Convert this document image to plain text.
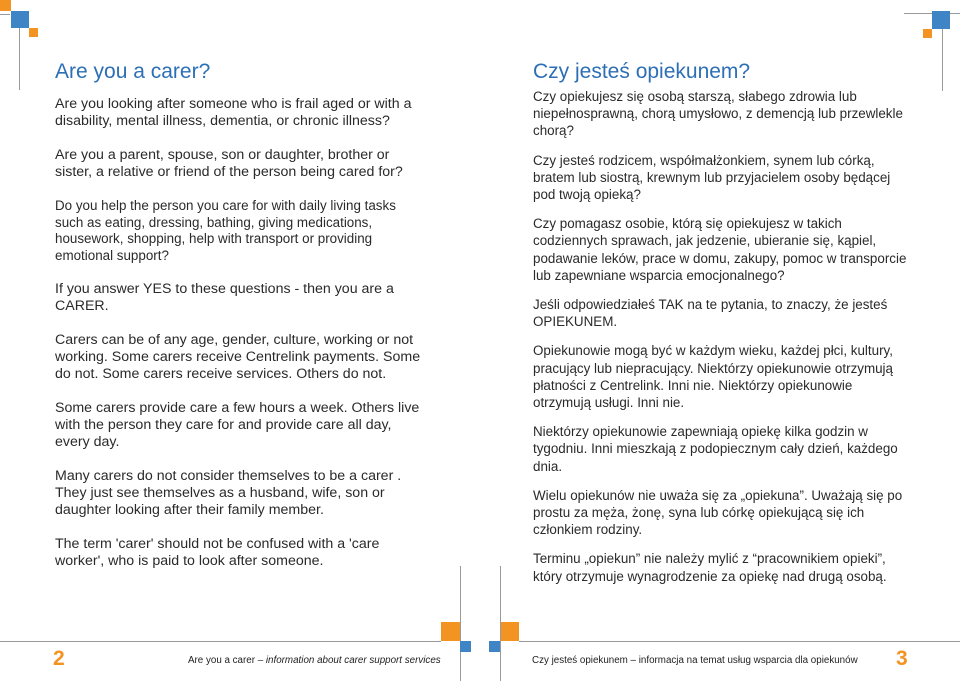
Are you a carer?

Are you looking after someone who is frail aged or with a disability, mental illness, dementia, or chronic illness?

Are you a parent, spouse, son or daughter, brother or sister, a relative or friend of the person being cared for?

Do you help the person you care for with daily living tasks such as eating, dressing, bathing, giving medications, housework, shopping, help with transport or providing emotional support?

If you answer YES to these questions - then you are a CARER.

Carers can be of any age, gender, culture, working or not working. Some carers receive Centrelink payments. Some do not. Some carers receive services. Others do not.

Some carers provide care a few hours a week. Others live with the person they care for and provide care all day, every day.

Many carers do not consider themselves to be a carer . They just see themselves as a husband, wife, son or daughter looking after their family member.

The term 'carer' should not be confused with a 'care worker', who is paid to look after someone.

2	Are you a carer – information about carer support services
Czy jesteś opiekunem?

Czy opiekujesz się osobą starszą, słabego zdrowia lub niepełnosprawną, chorą umysłowo, z demencją lub przewlekle chorą?

Czy jesteś rodzicem, współmałżonkiem, synem lub córką, bratem lub siostrą, krewnym lub przyjacielem osoby będącej pod twoją opieką?

Czy pomagasz osobie, którą się opiekujesz w takich codziennych sprawach, jak jedzenie, ubieranie się, kąpiel, podawanie leków, prace w domu, zakupy, pomoc w transporcie lub zapewniane wsparcia emocjonalnego?

Jeśli odpowiedziałeś TAK na te pytania, to znaczy, że jesteś OPIEKUNEM.

Opiekunowie mogą być w każdym wieku, każdej płci, kultury, pracujący lub niepracujący. Niektórzy opiekunowie otrzymują płatności z Centrelink. Inni nie. Niektórzy opiekunowie otrzymują usługi. Inni nie.

Niektórzy opiekunowie zapewniają opiekę kilka godzin w tygodniu. Inni mieszkają z podopiecznym cały dzień, każdego dnia.

Wielu opiekunów nie uważa się za „opiekuna”. Uważają się po prostu za męża, żonę, syna lub córkę opiekującą się ich członkiem rodziny.

Terminu „opiekun” nie należy mylić z “pracownikiem opieki”, który otrzymuje wynagrodzenie za opiekę nad drugą osobą.

Czy jesteś opiekunem – informacja na temat usług wsparcia dla opiekunów 3
